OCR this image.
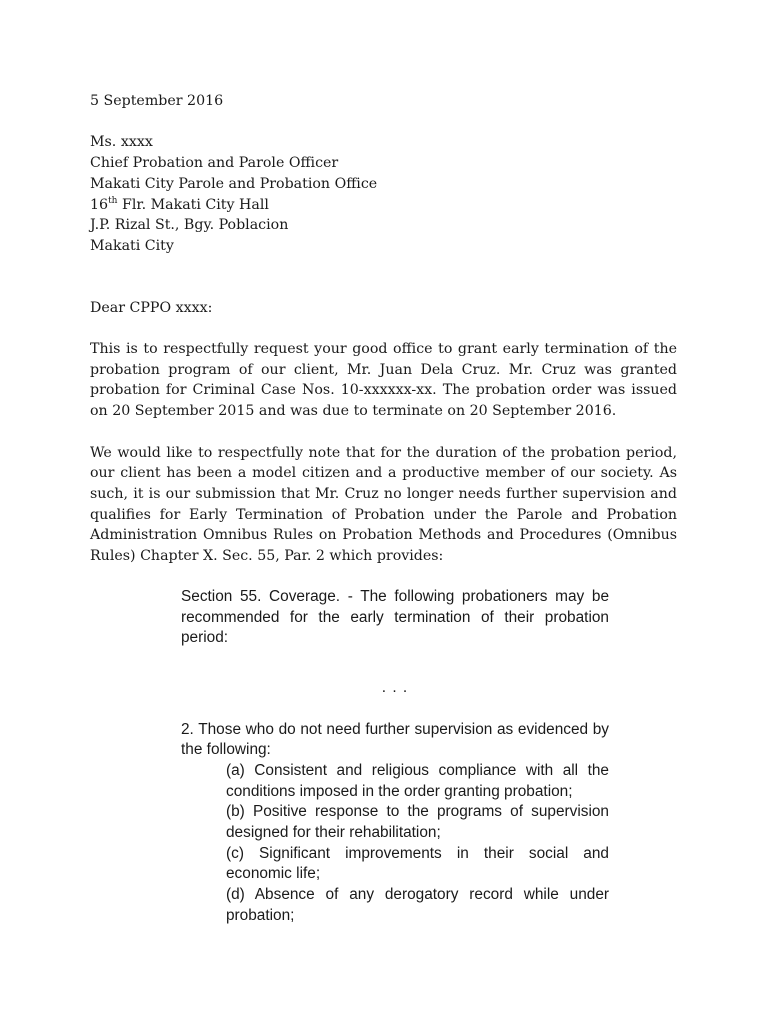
5 September 2016

Ms. xxxx
Chief Probation and Parole Officer
Makati City Parole and Probation Office
16th Flr. Makati City Hall
J.P. Rizal St., Bgy. Poblacion
Makati City

Dear CPPO xxxx:

This is to respectfully request your good office to grant early termination of the probation program of our client, Mr. Juan Dela Cruz. Mr. Cruz was granted probation for Criminal Case Nos. 10-xxxxxx-xx. The probation order was issued on 20 September 2015 and was due to terminate on 20 September 2016.

We would like to respectfully note that for the duration of the probation period, our client has been a model citizen and a productive member of our society. As such, it is our submission that Mr. Cruz no longer needs further supervision and qualifies for Early Termination of Probation under the Parole and Probation Administration Omnibus Rules on Probation Methods and Procedures (Omnibus Rules) Chapter X. Sec. 55, Par. 2 which provides:

Section 55. Coverage. - The following probationers may be recommended for the early termination of their probation period:

. . .

2. Those who do not need further supervision as evidenced by the following:

(a) Consistent and religious compliance with all the conditions imposed in the order granting probation;
(b) Positive response to the programs of supervision designed for their rehabilitation;
(c) Significant improvements in their social and economic life;
(d) Absence of any derogatory record while under probation;
